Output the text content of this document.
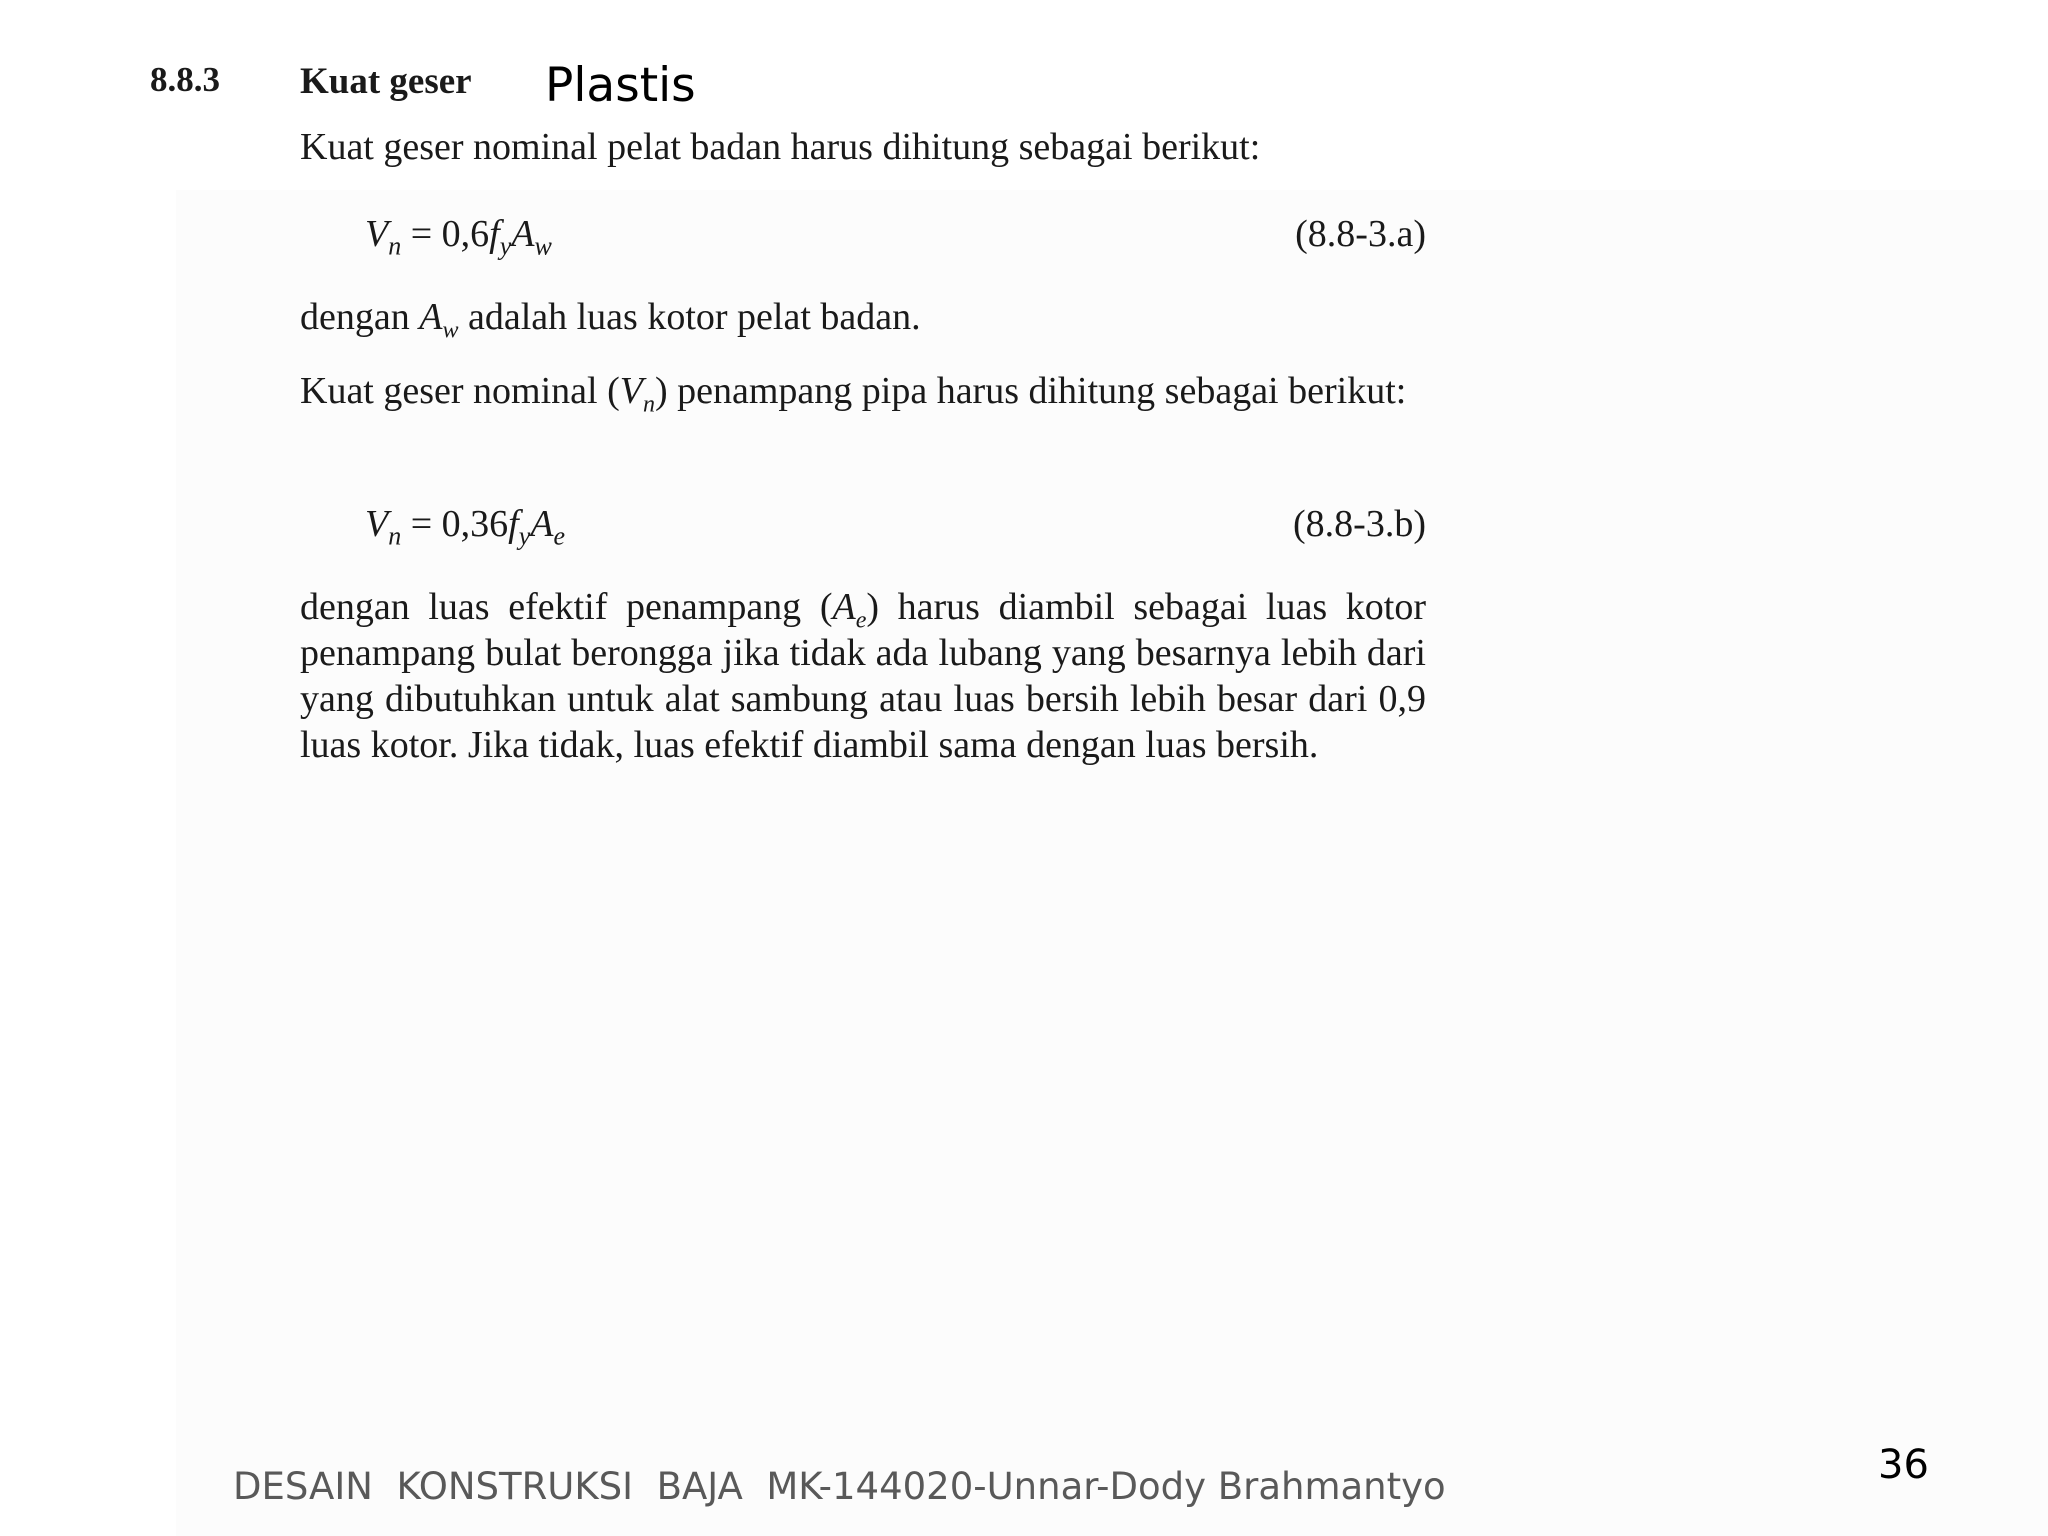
8.8.3 Kuat geser Plastis
Kuat geser nominal pelat badan harus dihitung sebagai berikut:
$V_n = 0,6f_yA_w$	(8.8-3.a)
dengan $A_w$ adalah luas kotor pelat badan.
Kuat geser nominal $(V_n)$ penampang pipa harus dihitung sebagai berikut:
$V_n = 0,36f_yA_e$	(8.8-3.b)
dengan luas efektif penampang $(A_e)$ harus diambil sebagai luas kotor penampang bulat berongga jika tidak ada lubang yang besarnya lebih dari yang dibutuhkan untuk alat sambung atau luas bersih lebih besar dari 0,9 luas kotor. Jika tidak, luas efektif diambil sama dengan luas bersih.
DESAIN  KONSTRUKSI  BAJA  MK-144020-Unnar-Dody Brahmantyo	36
